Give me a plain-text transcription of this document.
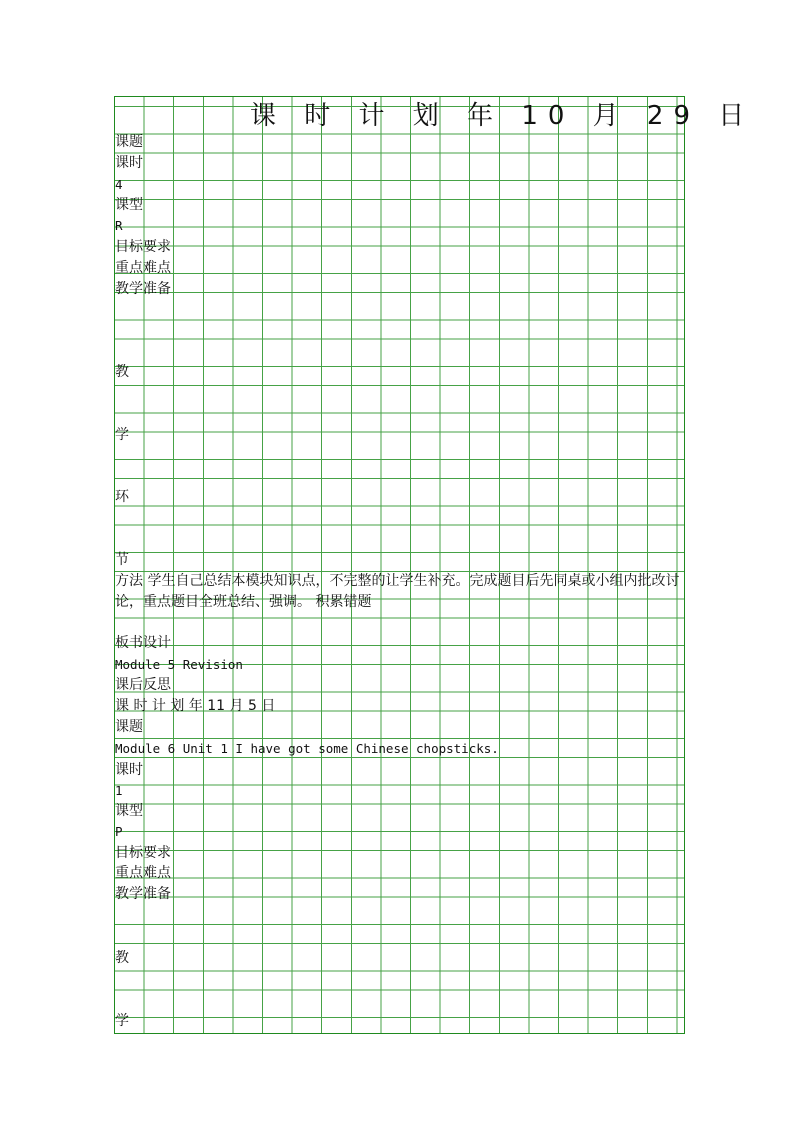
课 时 计 划 年 10 月 29 日
课题
课时
4
课型
R
目标要求
重点难点
教学准备
教
学
环
节
方法 学生自己总结本模块知识点，不完整的让学生补充。完成题目后先同桌或小组内批改讨论，重点题目全班总结、强调。 积累错题
板书设计
Module 5 Revision
课后反思
课 时 计 划 年 11 月 5 日
课题
Module 6 Unit 1 I have got some Chinese chopsticks.
课时
1
课型
P
目标要求
重点难点
教学准备
教
学
